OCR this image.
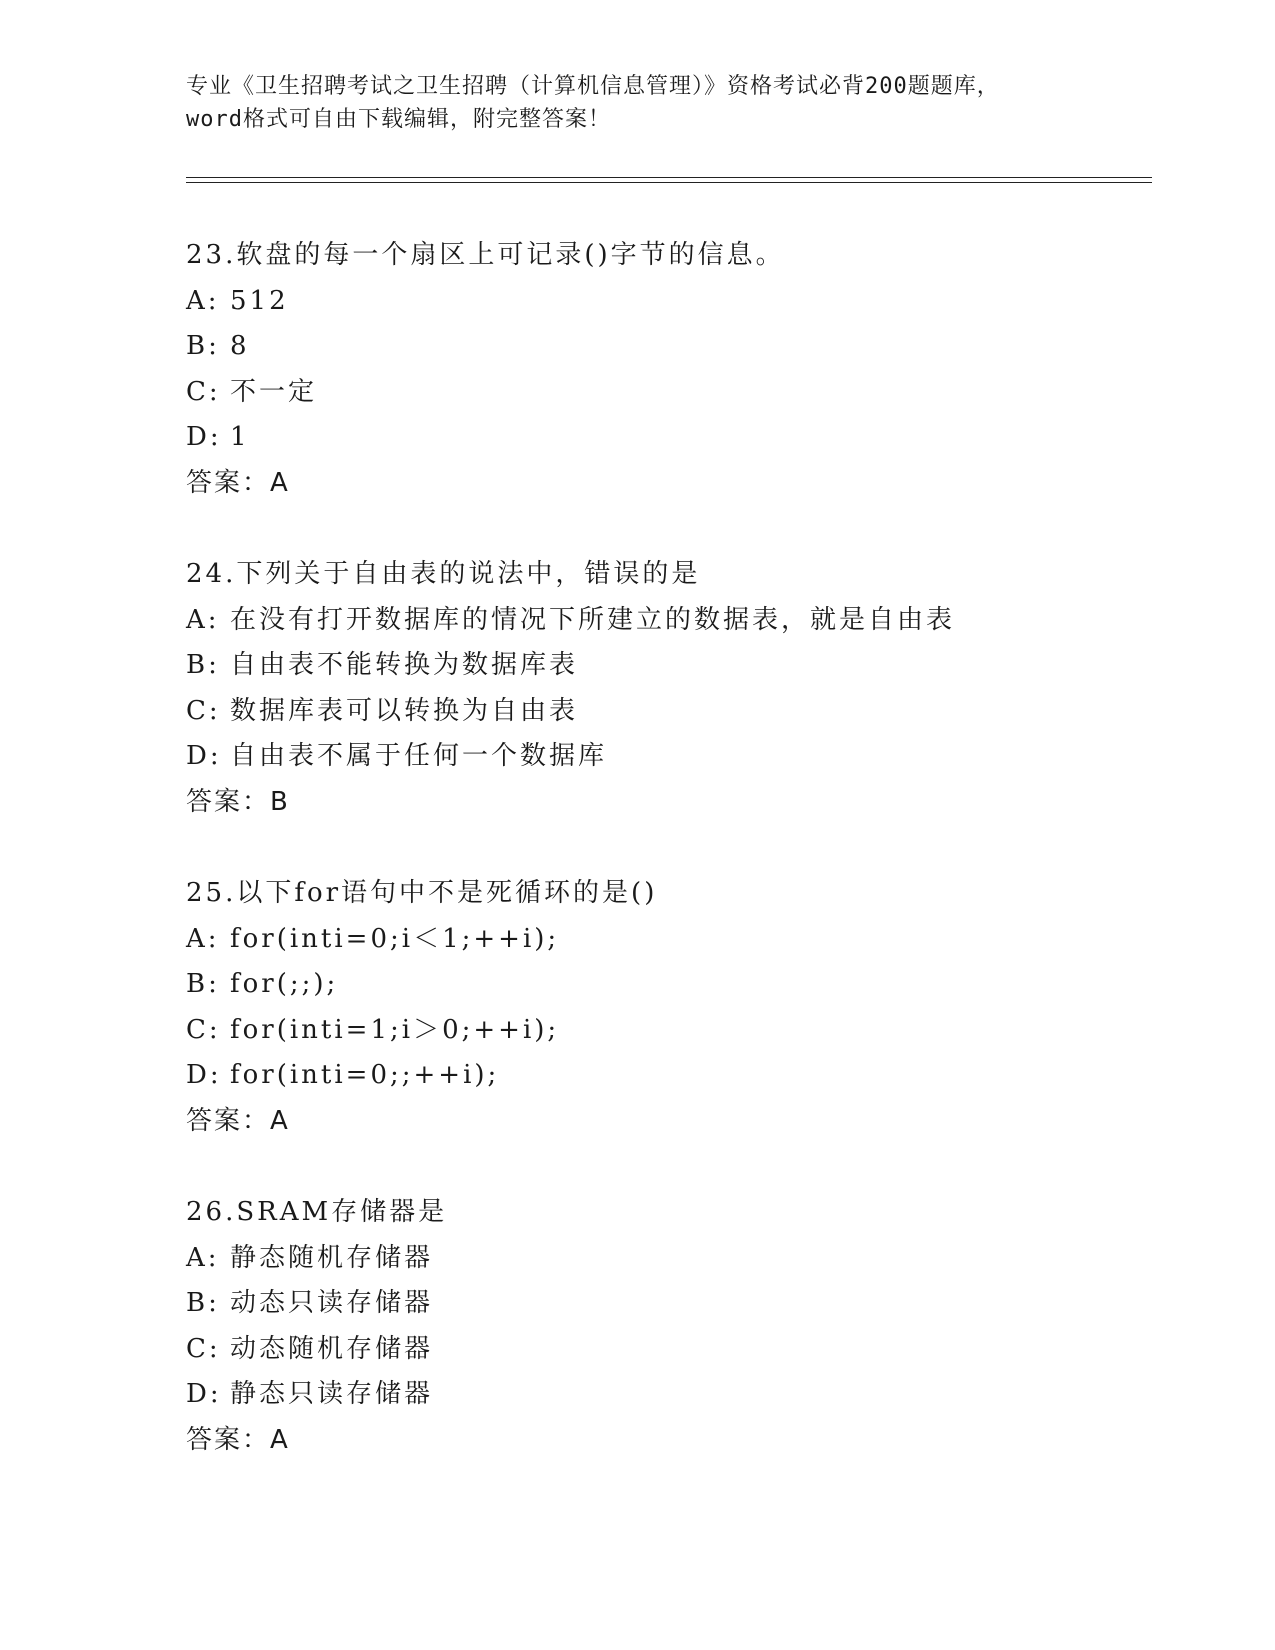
专业《卫生招聘考试之卫生招聘（计算机信息管理）》资格考试必背200题题库，
word格式可自由下载编辑，附完整答案！
23.软盘的每一个扇区上可记录()字节的信息。
A: 512
B: 8
C: 不一定
D: 1
答案：A
24.下列关于自由表的说法中，错误的是
A: 在没有打开数据库的情况下所建立的数据表，就是自由表
B: 自由表不能转换为数据库表
C: 数据库表可以转换为自由表
D: 自由表不属于任何一个数据库
答案：B
25.以下for语句中不是死循环的是()
A: for(inti=0;i＜1;++i);
B: for(;;);
C: for(inti=1;i＞0;++i);
D: for(inti=0;;++i);
答案：A
26.SRAM存储器是
A: 静态随机存储器
B: 动态只读存储器
C: 动态随机存储器
D: 静态只读存储器
答案：A
